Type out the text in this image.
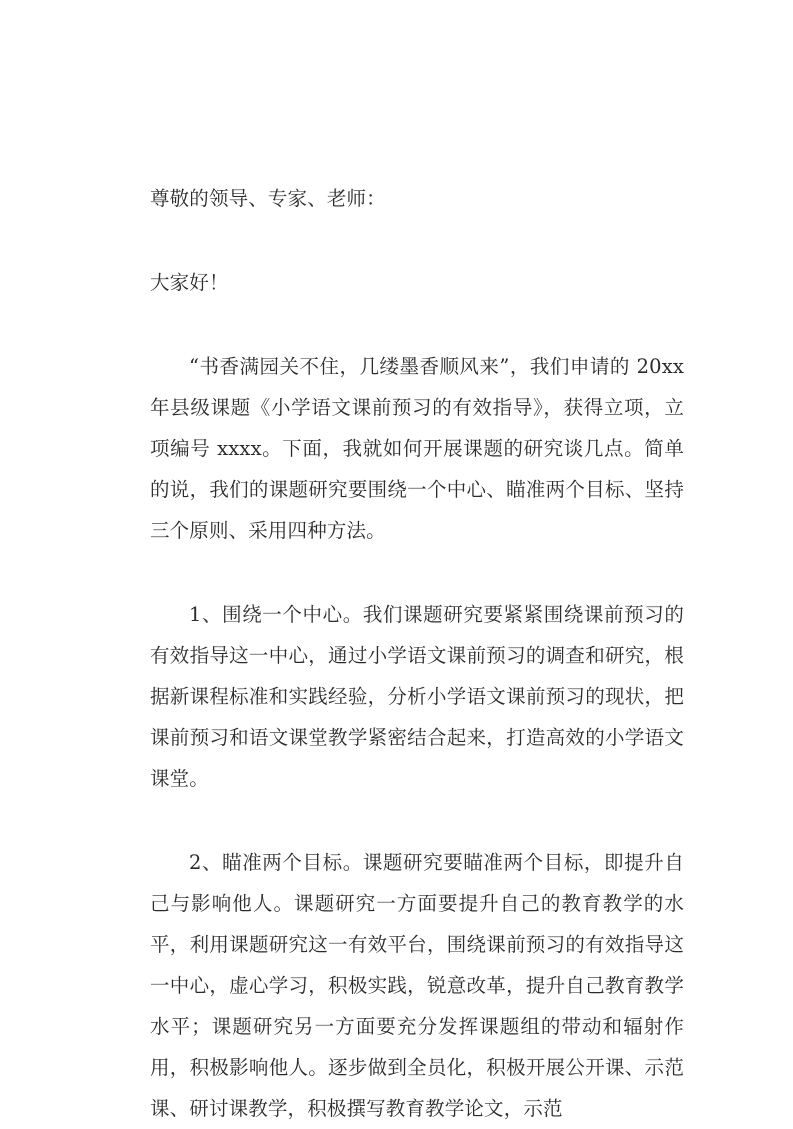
尊敬的领导、专家、老师：

大家好！

“书香满园关不住，几缕墨香顺风来”，我们申请的 20xx 年县级课题《小学语文课前预习的有效指导》，获得立项，立项编号 xxxx。下面，我就如何开展课题的研究谈几点。简单的说，我们的课题研究要围绕一个中心、瞄准两个目标、坚持三个原则、采用四种方法。

1、围绕一个中心。我们课题研究要紧紧围绕课前预习的有效指导这一中心，通过小学语文课前预习的调查和研究，根据新课程标准和实践经验，分析小学语文课前预习的现状，把课前预习和语文课堂教学紧密结合起来，打造高效的小学语文课堂。

2、瞄准两个目标。课题研究要瞄准两个目标，即提升自己与影响他人。课题研究一方面要提升自己的教育教学的水平，利用课题研究这一有效平台，围绕课前预习的有效指导这一中心，虚心学习，积极实践，锐意改革，提升自己教育教学水平；课题研究另一方面要充分发挥课题组的带动和辐射作用，积极影响他人。逐步做到全员化，积极开展公开课、示范课、研讨课教学，积极撰写教育教学论文，示范
